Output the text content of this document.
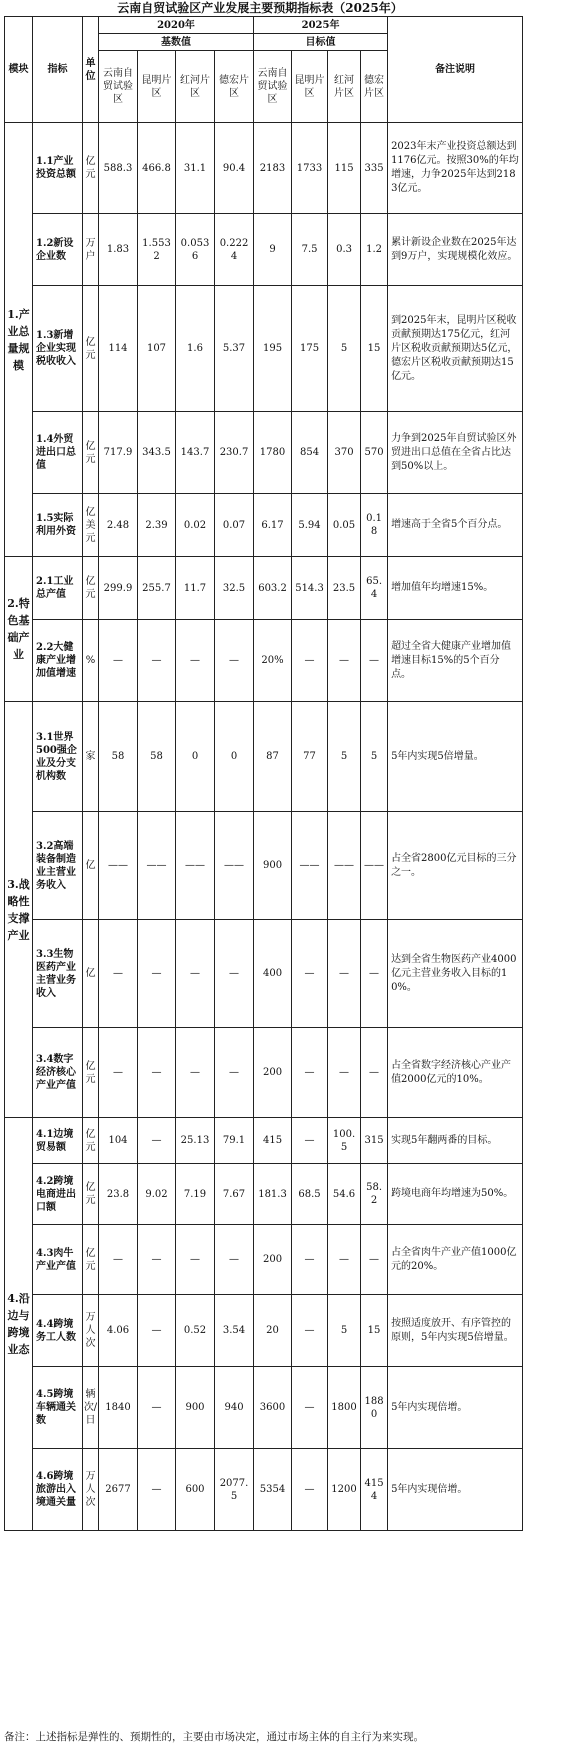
云南自贸试验区产业发展主要预期指标表（2025年）
模块	指标	单位	2020年				2025年				备注说明
			基数值				目标值				
			云南自贸试验区	昆明片区	红河片区	德宏片区	云南自贸试验区	昆明片区	红河片区	德宏片区	
1.产业总量规模	1.1产业投资总额	亿元	588.3	466.8	31.1	90.4	2183	1733	115	335	2023年末产业投资总额达到1176亿元。按照30%的年均增速，力争2025年达到2183亿元。
	1.2新设企业数	万户	1.83	1.5532	0.0536	0.2224	9	7.5	0.3	1.2	累计新设企业数在2025年达到9万户，实现规模化效应。
	1.3新增企业实现税收收入	亿元	114	107	1.6	5.37	195	175	5	15	到2025年末，昆明片区税收贡献预期达175亿元，红河片区税收贡献预期达5亿元，德宏片区税收贡献预期达15亿元。
	1.4外贸进出口总值	亿元	717.9	343.5	143.7	230.7	1780	854	370	570	力争到2025年自贸试验区外贸进出口总值在全省占比达到50%以上。
	1.5实际利用外资	亿美元	2.48	2.39	0.02	0.07	6.17	5.94	0.05	0.18	增速高于全省5个百分点。
2.特色基础产业	2.1工业总产值	亿元	299.9	255.7	11.7	32.5	603.2	514.3	23.5	65.4	增加值年均增速15%。
	2.2大健康产业增加值增速	%	—	—	—	—	20%	—	—	—	超过全省大健康产业增加值增速目标15%的5个百分点。
3.战略性支撑产业	3.1世界500强企业及分支机构数	家	58	58	0	0	87	77	5	5	5年内实现5倍增量。
	3.2高端装备制造业主营业务收入	亿	——	——	——	——	900	——	——	——	占全省2800亿元目标的三分之一。
	3.3生物医药产业主营业务收入	亿	—	—	—	—	400	—	—	—	达到全省生物医药产业4000亿元主营业务收入目标的10%。
	3.4数字经济核心产业产值	亿元	—	—	—	—	200	—	—	—	占全省数字经济核心产业产值2000亿元的10%。
4.沿边与跨境业态	4.1边境贸易额	亿元	104	—	25.13	79.1	415	—	100.5	315	实现5年翻两番的目标。
	4.2跨境电商进出口额	亿元	23.8	9.02	7.19	7.67	181.3	68.5	54.6	58.2	跨境电商年均增速为50%。
	4.3肉牛产业产值	亿元	—	—	—	—	200	—	—	—	占全省肉牛产业产值1000亿元的20%。
	4.4跨境务工人数	万人次	4.06	—	0.52	3.54	20	—	5	15	按照适度放开、有序管控的原则，5年内实现5倍增量。
	4.5跨境车辆通关数	辆次/日	1840	—	900	940	3600	—	1800	1880	5年内实现倍增。
	4.6跨境旅游出入境通关量	万人次	2677	—	600	2077.5	5354	—	1200	4154	5年内实现倍增。
备注：上述指标是弹性的、预期性的，主要由市场决定，通过市场主体的自主行为来实现。
